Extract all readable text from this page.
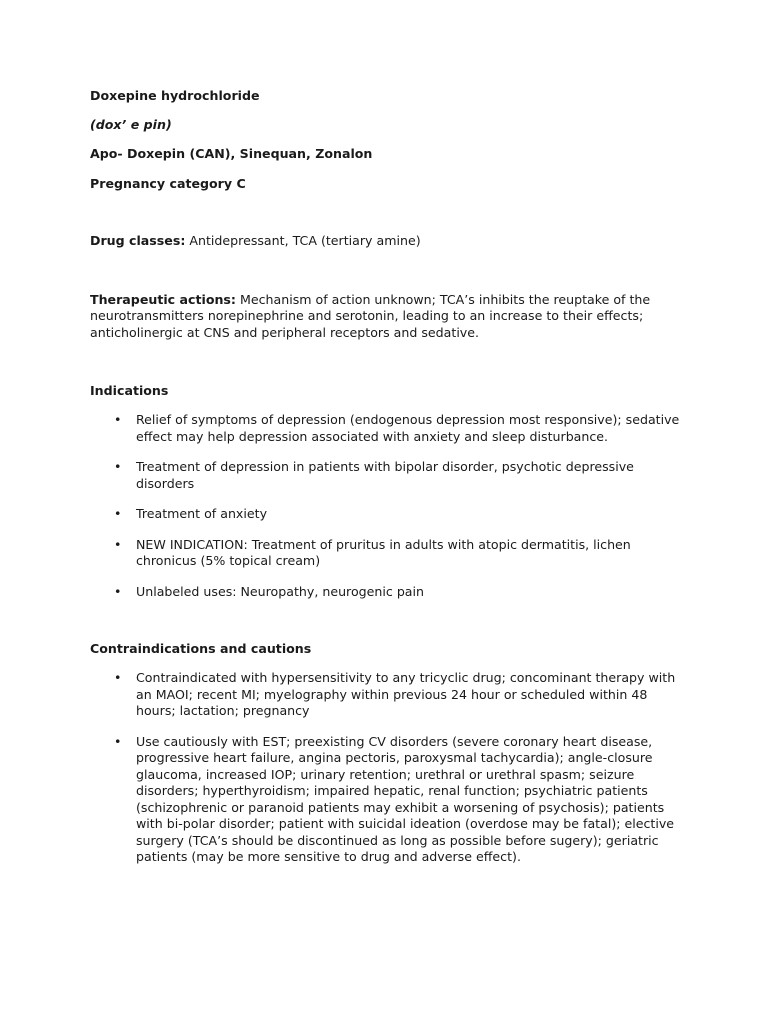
Doxepine hydrochloride

(dox’ e pin)

Apo- Doxepin (CAN), Sinequan, Zonalon

Pregnancy category C

Drug classes: Antidepressant, TCA (tertiary amine)

Therapeutic actions: Mechanism of action unknown; TCA’s inhibits the reuptake of the neurotransmitters norepinephrine and serotonin, leading to an increase to their effects; anticholinergic at CNS and peripheral receptors and sedative.

Indications

• Relief of symptoms of depression (endogenous depression most responsive); sedative effect may help depression associated with anxiety and sleep disturbance.
• Treatment of depression in patients with bipolar disorder, psychotic depressive disorders
• Treatment of anxiety
• NEW INDICATION: Treatment of pruritus in adults with atopic dermatitis, lichen chronicus (5% topical cream)
• Unlabeled uses: Neuropathy, neurogenic pain

Contraindications and cautions

• Contraindicated with hypersensitivity to any tricyclic drug; concominant therapy with an MAOI; recent MI; myelography within previous 24 hour or scheduled within 48 hours; lactation; pregnancy
• Use cautiously with EST; preexisting CV disorders (severe coronary heart disease, progressive heart failure, angina pectoris, paroxysmal tachycardia); angle-closure glaucoma, increased IOP; urinary retention; urethral or urethral spasm; seizure disorders; hyperthyroidism; impaired hepatic, renal function; psychiatric patients (schizophrenic or paranoid patients may exhibit a worsening of psychosis); patients with bi-polar disorder; patient with suicidal ideation (overdose may be fatal); elective surgery (TCA’s should be discontinued as long as possible before sugery); geriatric patients (may be more sensitive to drug and adverse effect).
